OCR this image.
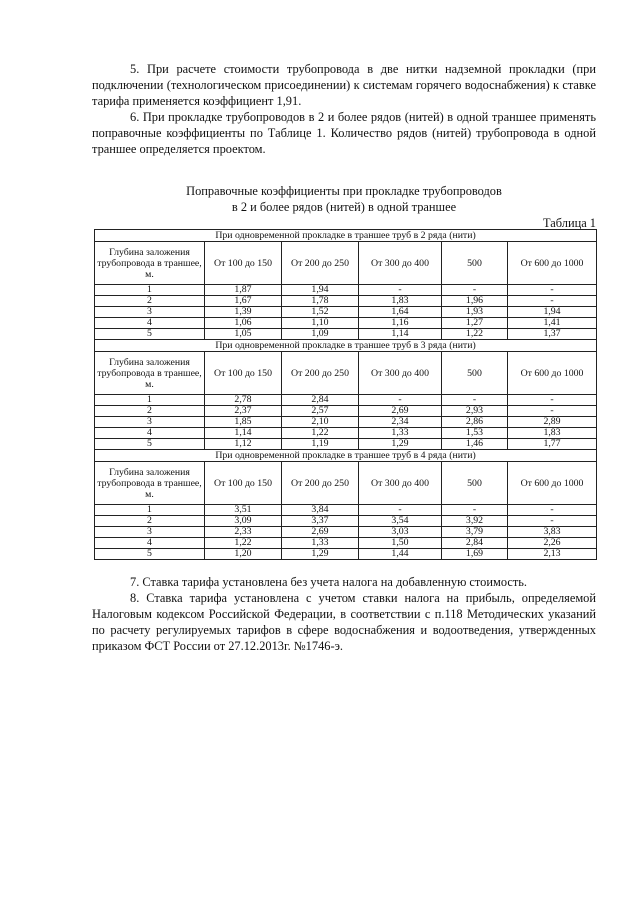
5. При расчете стоимости трубопровода в две нитки надземной прокладки (при подключении (технологическом присоединении) к системам горячего водоснабжения) к ставке тарифа применяется коэффициент 1,91.

6. При прокладке трубопроводов в 2 и более рядов (нитей) в одной траншее применять поправочные коэффициенты по Таблице 1. Количество рядов (нитей) трубопровода в одной траншее определяется проектом.

Поправочные коэффициенты при прокладке трубопроводов
в 2 и более рядов (нитей) в одной траншее
Таблица 1
При одновременной прокладке в траншее труб в 2 ряда (нити)					
Глубина заложения трубопровода в траншее, м.	От 100 до 150	От 200 до 250	От 300 до 400	500	От 600 до 1000
1	1,87	1,94	-	-	-
2	1,67	1,78	1,83	1,96	-
3	1,39	1,52	1,64	1,93	1,94
4	1,06	1,10	1,16	1,27	1,41
5	1,05	1,09	1,14	1,22	1,37
При одновременной прокладке в траншее труб в 3 ряда (нити)					
Глубина заложения трубопровода в траншее, м.	От 100 до 150	От 200 до 250	От 300 до 400	500	От 600 до 1000
1	2,78	2,84	-	-	-
2	2,37	2,57	2,69	2,93	-
3	1,85	2,10	2,34	2,86	2,89
4	1,14	1,22	1,33	1,53	1,83
5	1,12	1,19	1,29	1,46	1,77
При одновременной прокладке в траншее труб в 4 ряда (нити)					
Глубина заложения трубопровода в траншее, м.	От 100 до 150	От 200 до 250	От 300 до 400	500	От 600 до 1000
1	3,51	3,84	-	-	-
2	3,09	3,37	3,54	3,92	-
3	2,33	2,69	3,03	3,79	3,83
4	1,22	1,33	1,50	2,84	2,26
5	1,20	1,29	1,44	1,69	2,13

7. Ставка тарифа установлена без учета налога на добавленную стоимость.

8. Ставка тарифа установлена с учетом ставки налога на прибыль, определяемой Налоговым кодексом Российской Федерации, в соответствии с п.118 Методических указаний по расчету регулируемых тарифов в сфере водоснабжения и водоотведения, утвержденных приказом ФСТ России от 27.12.2013г. №1746-э.
